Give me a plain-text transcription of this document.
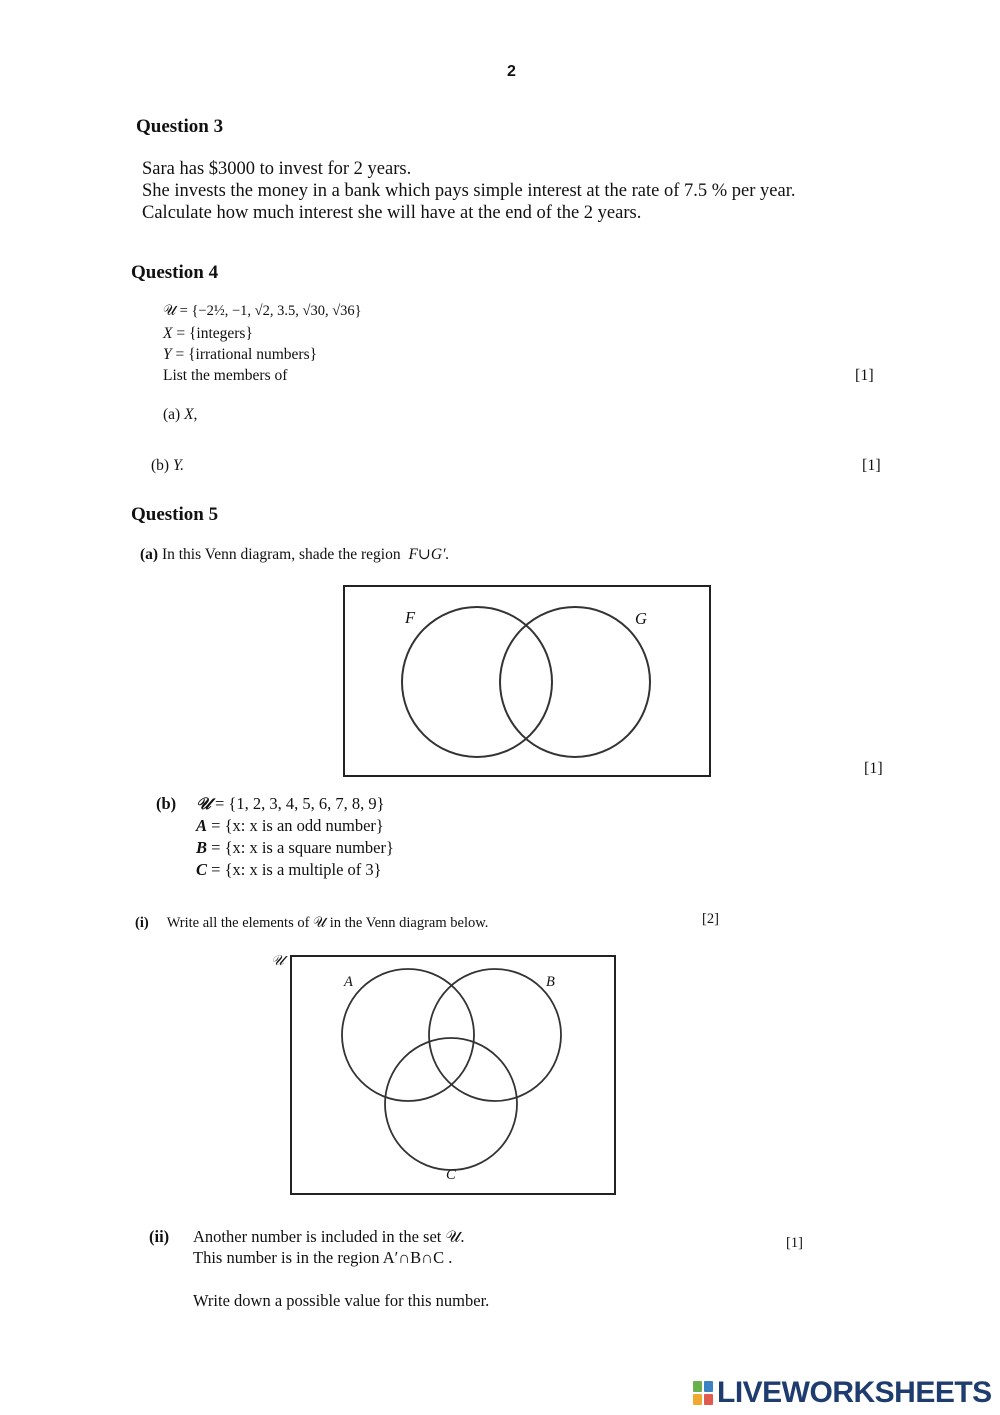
2
Question 3
Sara has $3000 to invest for 2 years.
She invests the money in a bank which pays simple interest at the rate of 7.5 % per year.
Calculate how much interest she will have at the end of the 2 years.
Question 4
𝒰 = {−2½, −1, √2, 3.5, √30, √36}
X = {integers}
Y = {irrational numbers}
List the members of	[1]
(a) X,
(b) Y.	[1]
Question 5
(a) In this Venn diagram, shade the region F∪G′.
F	G
[1]
(b) 𝒰 = {1, 2, 3, 4, 5, 6, 7, 8, 9}
A = {x: x is an odd number}
B = {x: x is a square number}
C = {x: x is a multiple of 3}
(i) Write all the elements of 𝒰 in the Venn diagram below.	[2]
𝒰
A	B
C
(ii) Another number is included in the set 𝒰.
This number is in the region A′∩B∩C .
Write down a possible value for this number.
[1]
LIVEWORKSHEETS
